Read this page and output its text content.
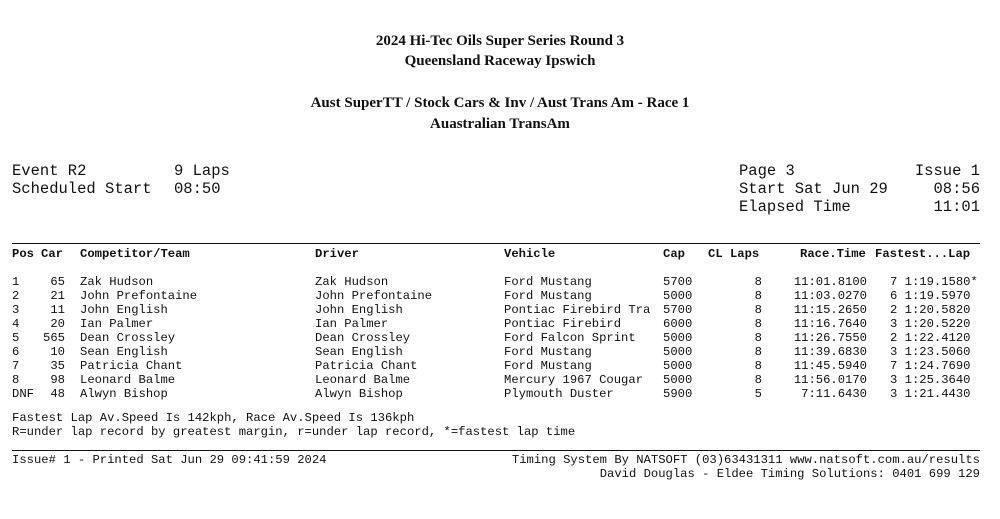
2024 Hi-Tec Oils Super Series Round 3
Queensland Raceway Ipswich
Aust SuperTT / Stock Cars & Inv / Aust Trans Am - Race 1
Auastralian TransAm
Event R2	9 Laps
Scheduled Start 08:50
Page 3	Issue 1
Start Sat Jun 29	08:56
Elapsed Time	11:01
Pos Car Competitor/Team	Driver	Vehicle	Cap CL Laps	Race.Time Fastest...Lap
1	65 Zak Hudson	Zak Hudson	Ford Mustang	5700	8	11:01.8100 7 1:19.1580*
2	21 John Prefontaine	John Prefontaine	Ford Mustang	5000	8	11:03.0270 6 1:19.5970
3	11 John English	John English	Pontiac Firebird Tra 5700	8	11:15.2650 2 1:20.5820
4	20 Ian Palmer	Ian Palmer	Pontiac Firebird	6000	8	11:16.7640 3 1:20.5220
5 565 Dean Crossley	Dean Crossley	Ford Falcon Sprint 5000	8	11:26.7550 2 1:22.4120
6	10 Sean English	Sean English	Ford Mustang	5000	8	11:39.6830 3 1:23.5060
7	35 Patricia Chant	Patricia Chant	Ford Mustang	5000	8	11:45.5940 7 1:24.7690
8	98 Leonard Balme	Leonard Balme	Mercury 1967 Cougar 5000	8	11:56.0170 3 1:25.3640
DNF	48 Alwyn Bishop	Alwyn Bishop	Plymouth Duster	5900	5	7:11.6430 3 1:21.4430
Fastest Lap Av.Speed Is 142kph, Race Av.Speed Is 136kph
R=under lap record by greatest margin, r=under lap record, *=fastest lap time
Issue# 1 - Printed Sat Jun 29 09:41:59 2024	Timing System By NATSOFT (03)63431311 www.natsoft.com.au/results
David Douglas - Eldee Timing Solutions: 0401 699 129
